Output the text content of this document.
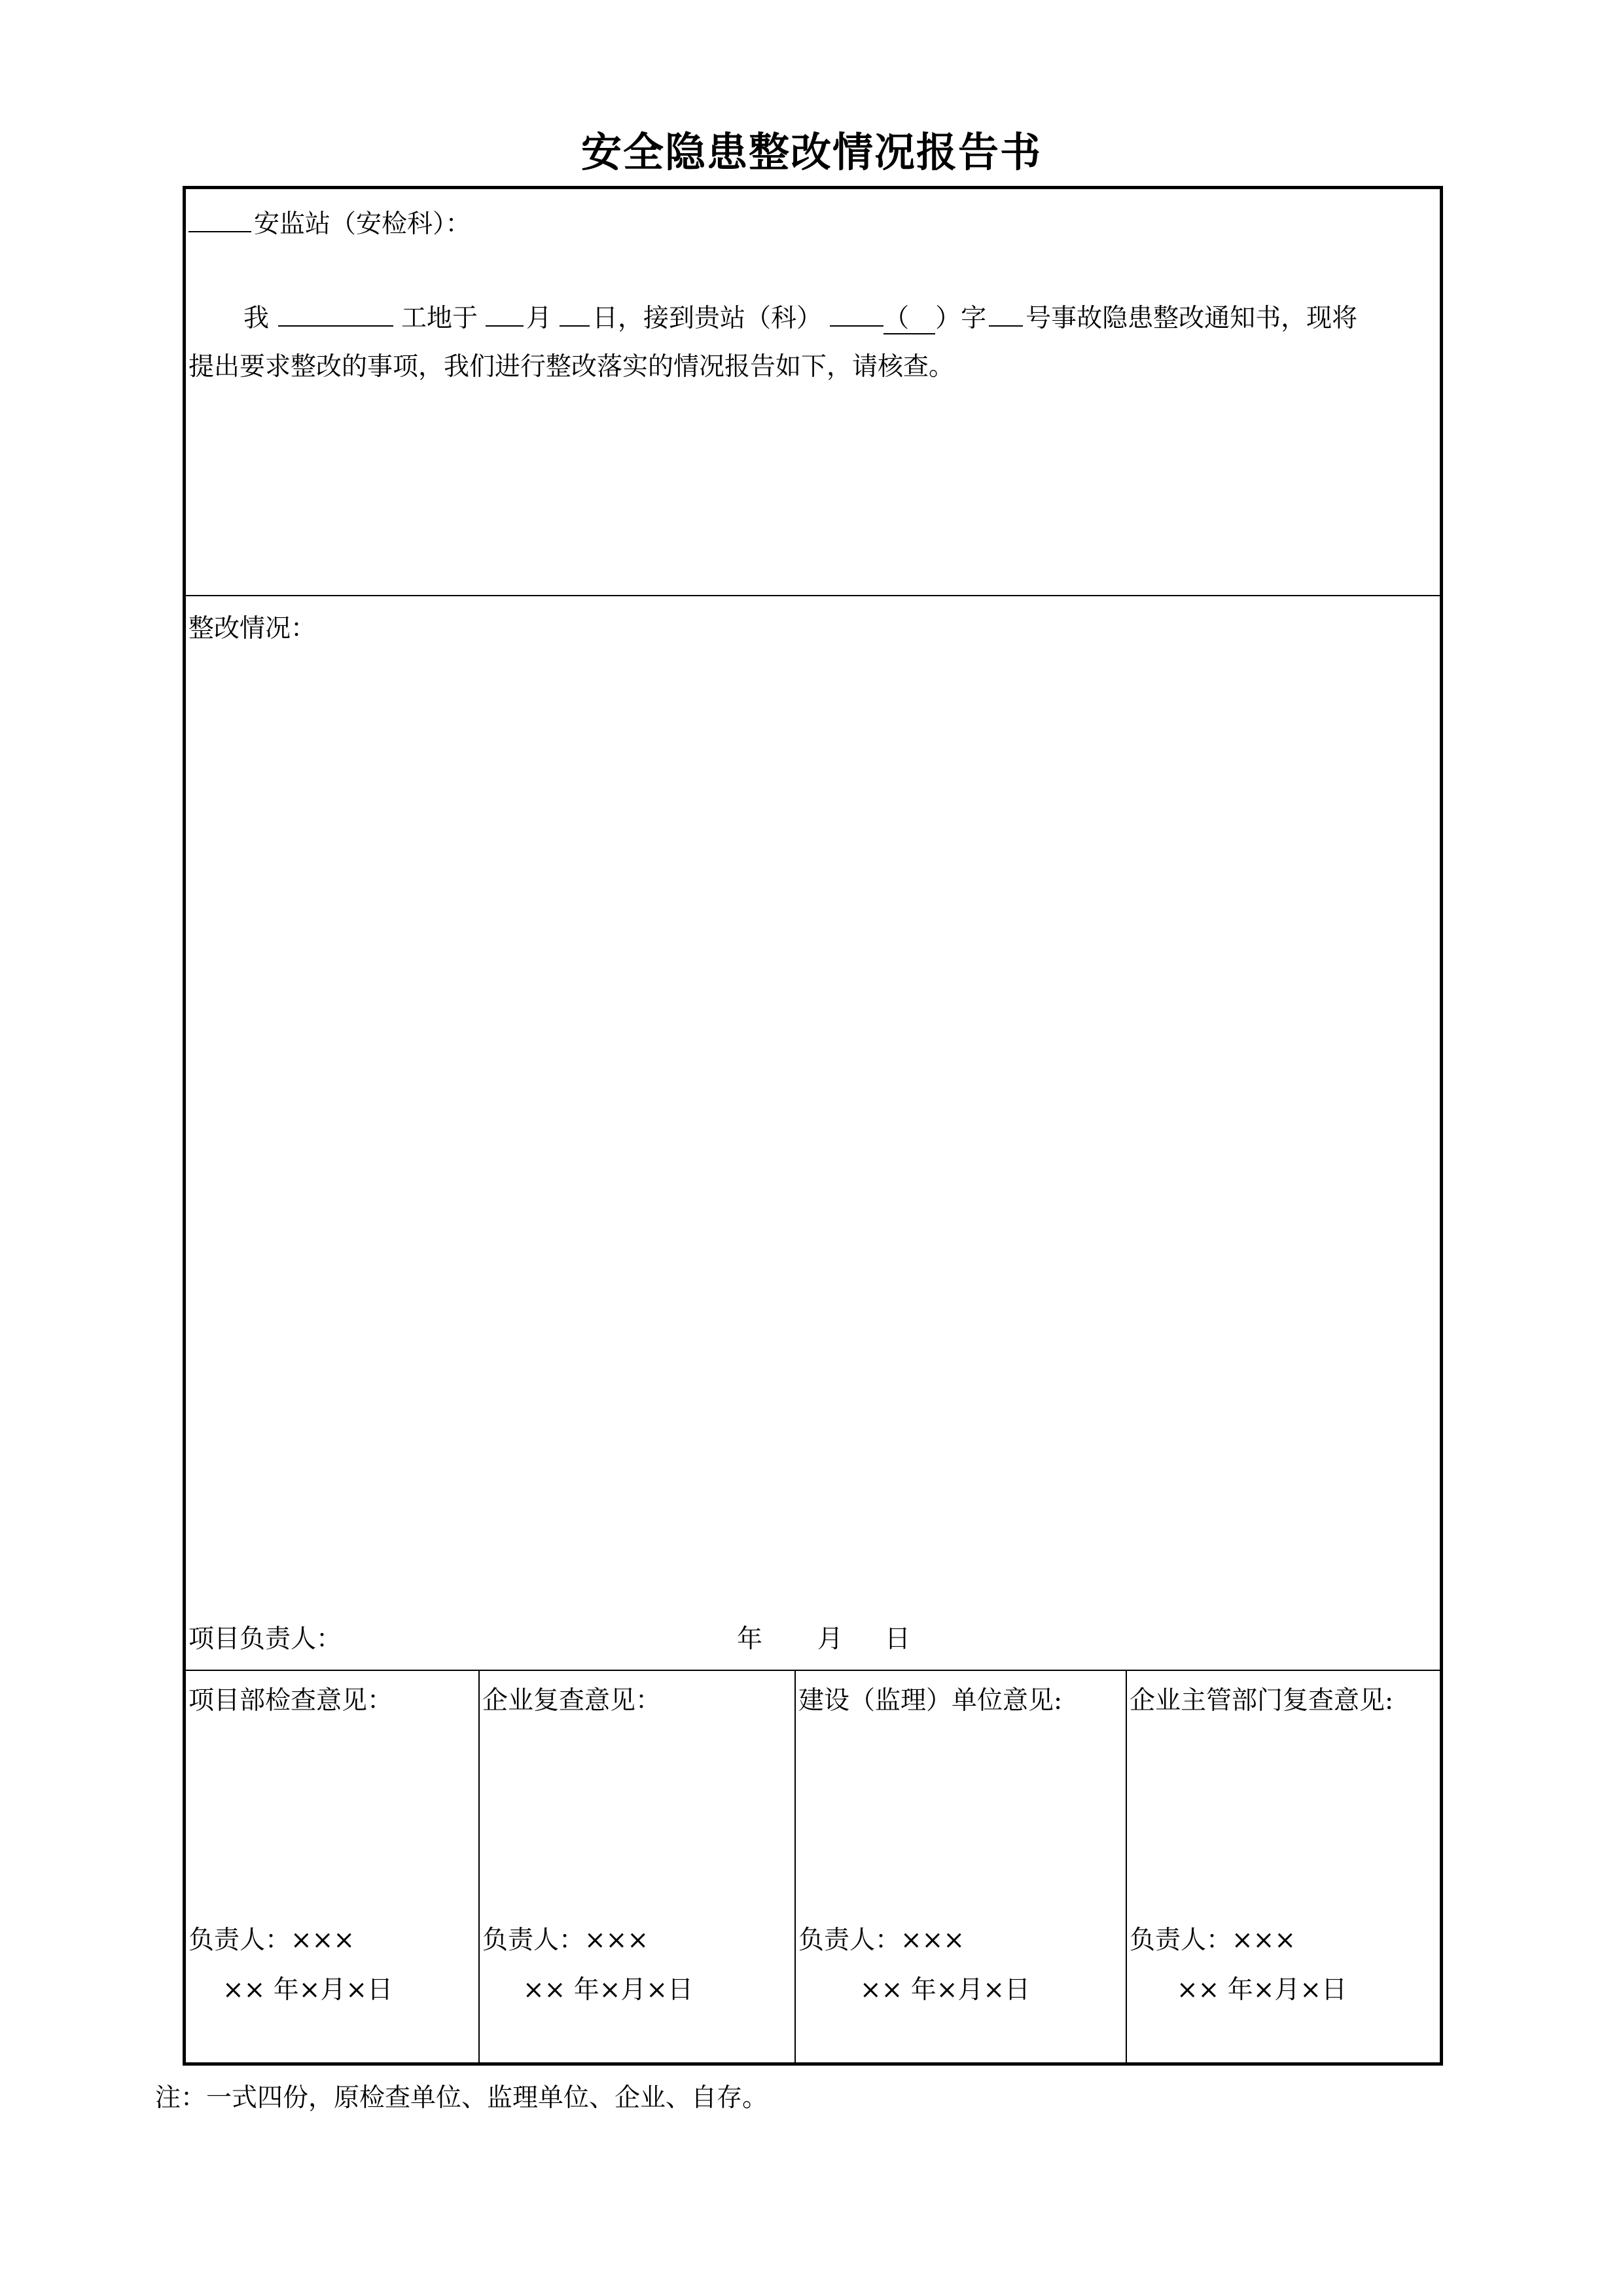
安全隐患整改情况报告书
安监站（安检科）：
我	工地于 月 日，接到贵站（科） （ ）字 号事故隐患整改通知书，现将
提出要求整改的事项，我们进行整改落实的情况报告如下，请核查。
整改情况：
项目负责人：	年 月 日
项目部检查意见：
负责人：×××
×× 年×月×日
企业复查意见：
负责人：×××
×× 年×月×日
建设（监理）单位意见:
负责人：×××
×× 年×月×日
企业主管部门复查意见:
负责人：×××
×× 年×月×日
注：一式四份，原检查单位、监理单位、企业、自存。
